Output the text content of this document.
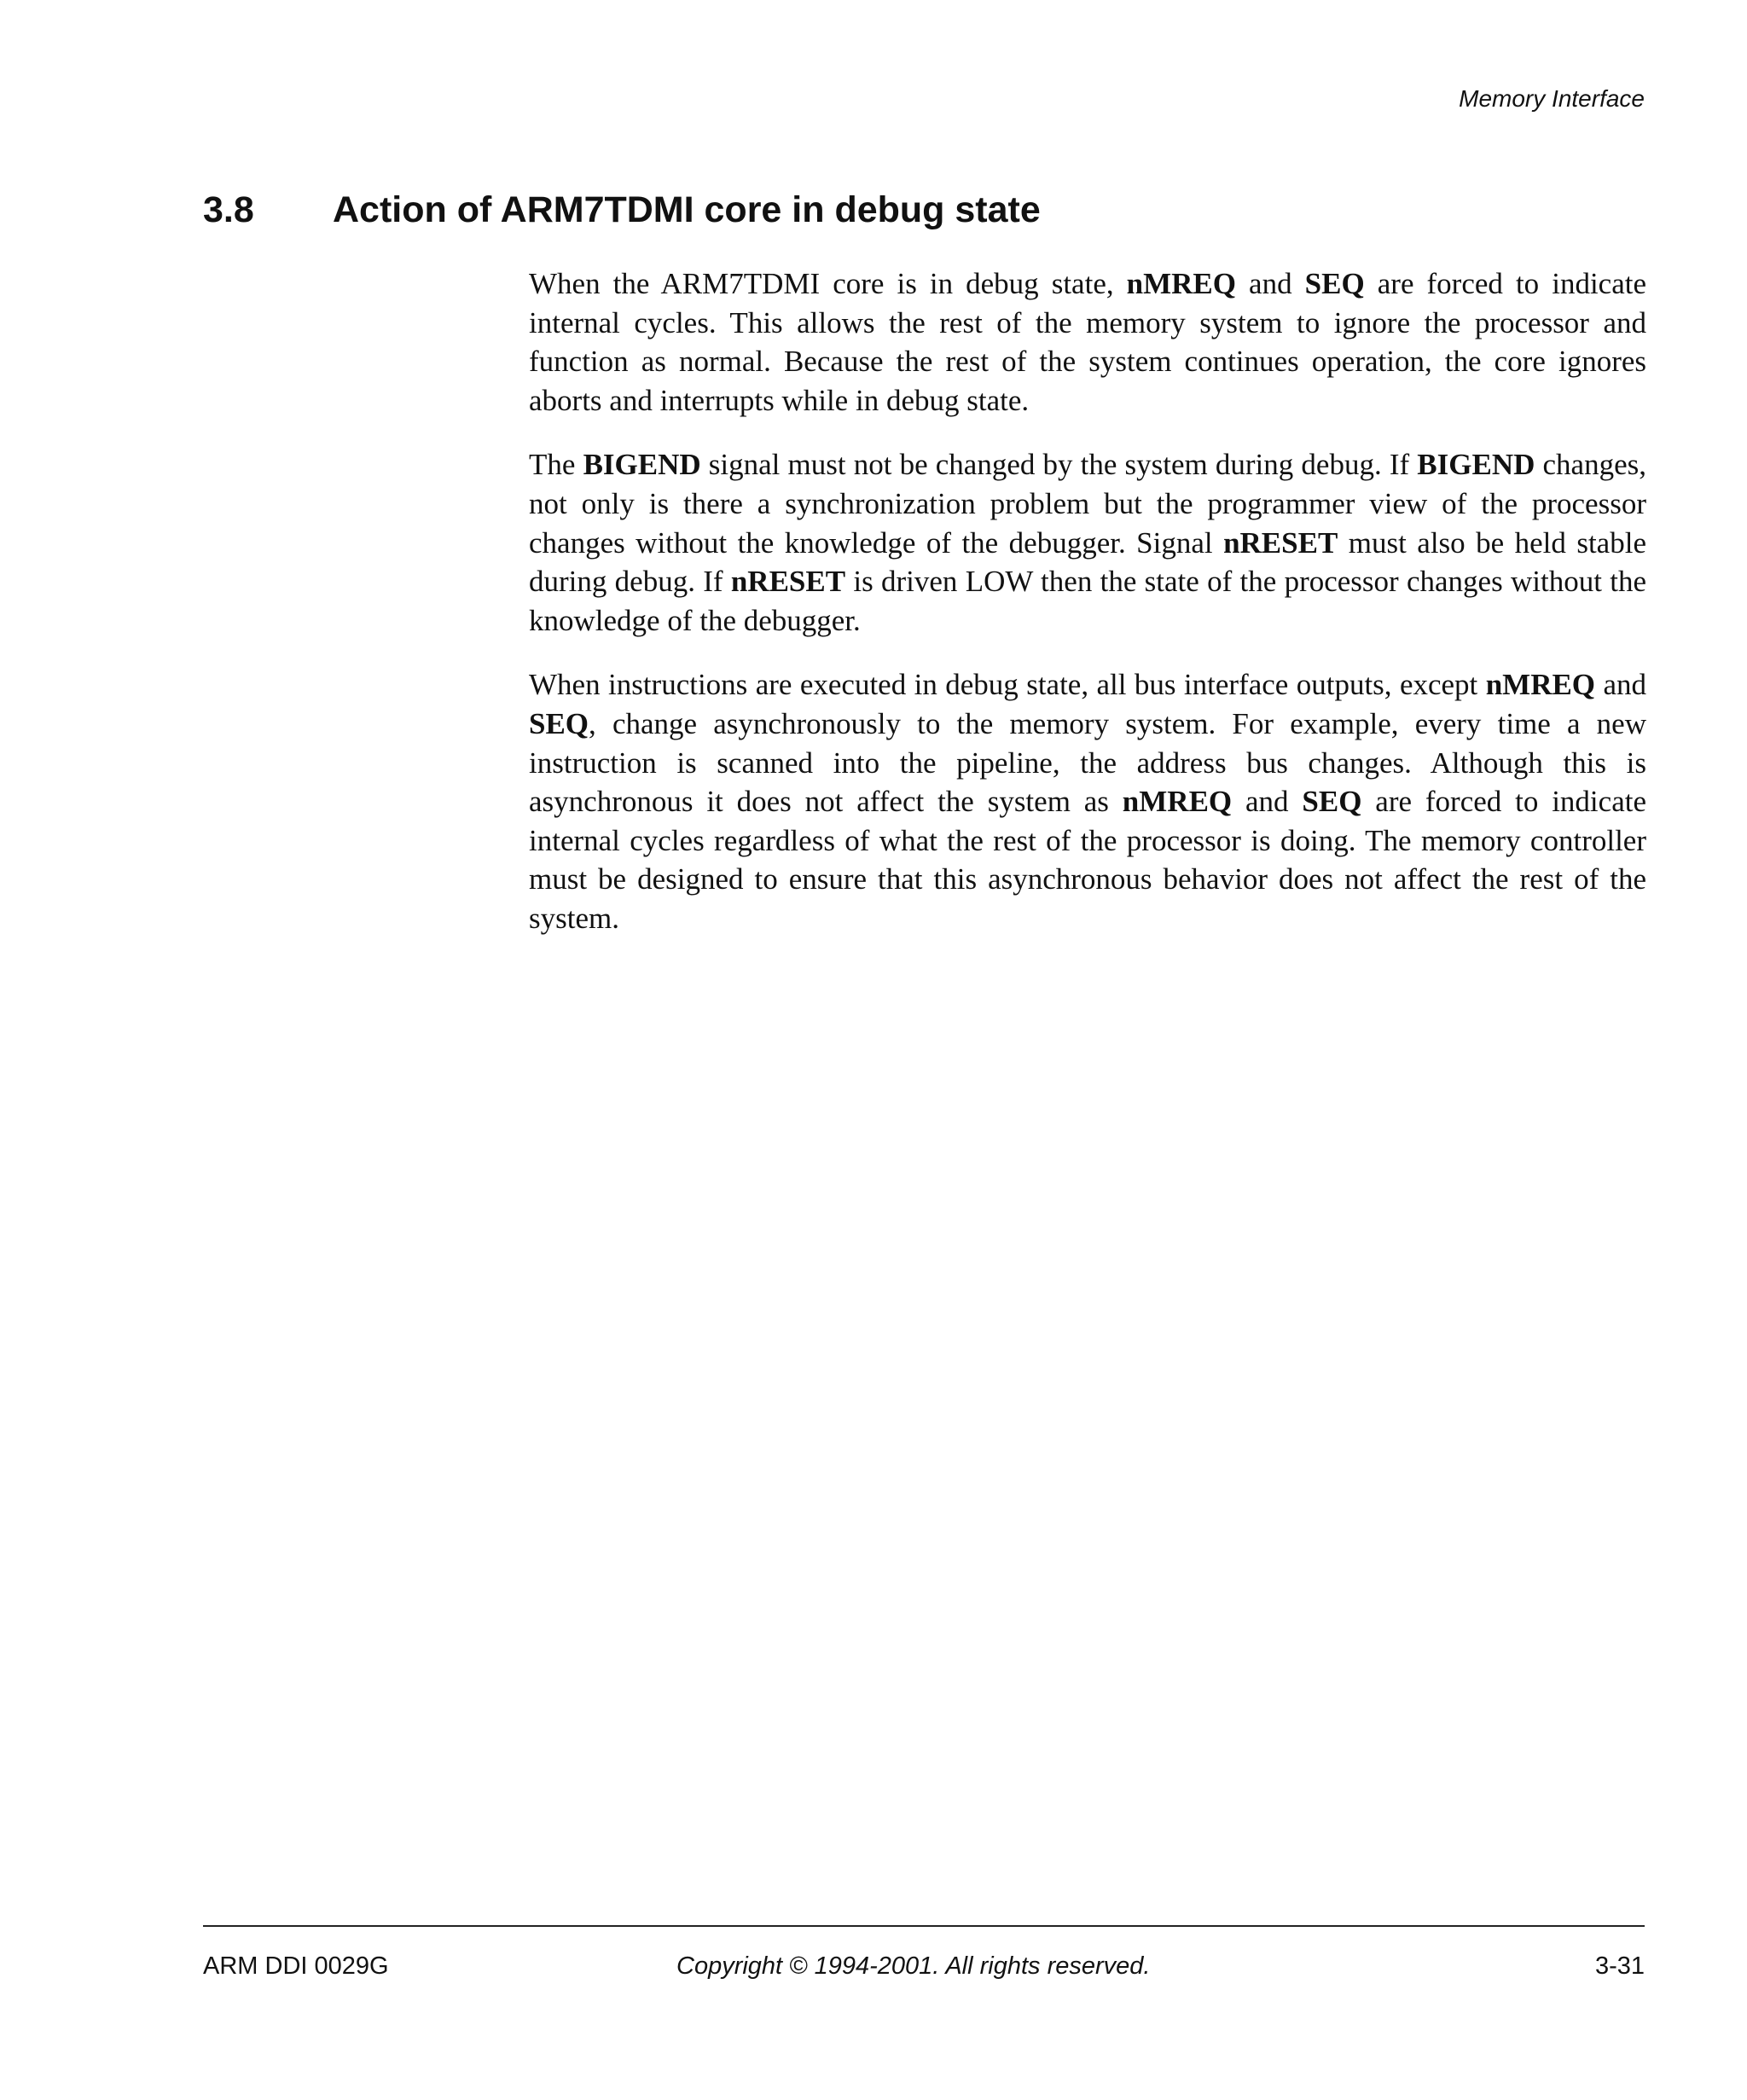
Memory Interface
3.8 Action of ARM7TDMI core in debug state

When the ARM7TDMI core is in debug state, nMREQ and SEQ are forced to indicate internal cycles. This allows the rest of the memory system to ignore the processor and function as normal. Because the rest of the system continues operation, the core ignores aborts and interrupts while in debug state.

The BIGEND signal must not be changed by the system during debug. If BIGEND changes, not only is there a synchronization problem but the programmer view of the processor changes without the knowledge of the debugger. Signal nRESET must also be held stable during debug. If nRESET is driven LOW then the state of the processor changes without the knowledge of the debugger.

When instructions are executed in debug state, all bus interface outputs, except nMREQ and SEQ, change asynchronously to the memory system. For example, every time a new instruction is scanned into the pipeline, the address bus changes. Although this is asynchronous it does not affect the system as nMREQ and SEQ are forced to indicate internal cycles regardless of what the rest of the processor is doing. The memory controller must be designed to ensure that this asynchronous behavior does not affect the rest of the system.

ARM DDI 0029G	Copyright © 1994-2001. All rights reserved.	3-31
